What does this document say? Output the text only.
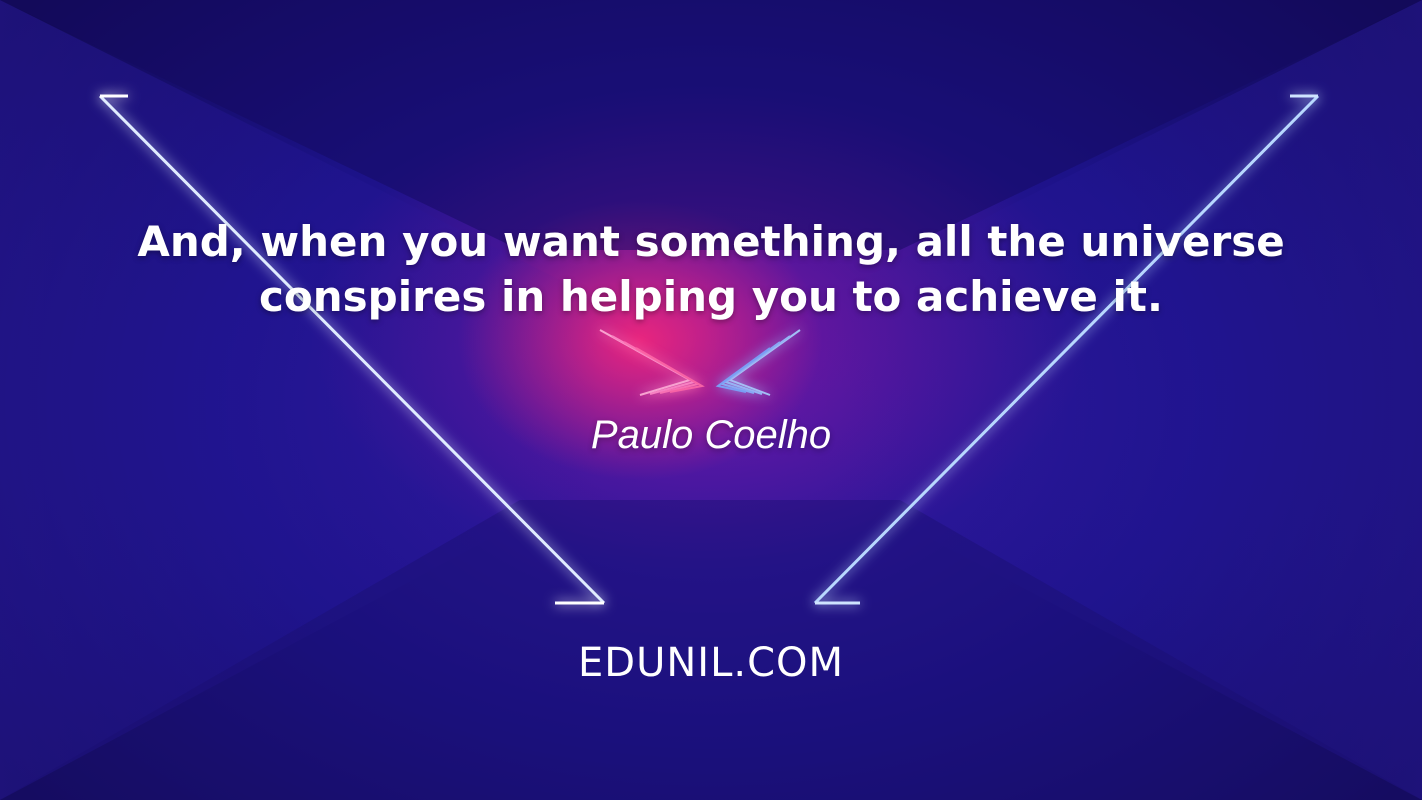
And, when you want something, all the universe
conspires in helping you to achieve it.

Paulo Coelho
EDUNIL.COM
